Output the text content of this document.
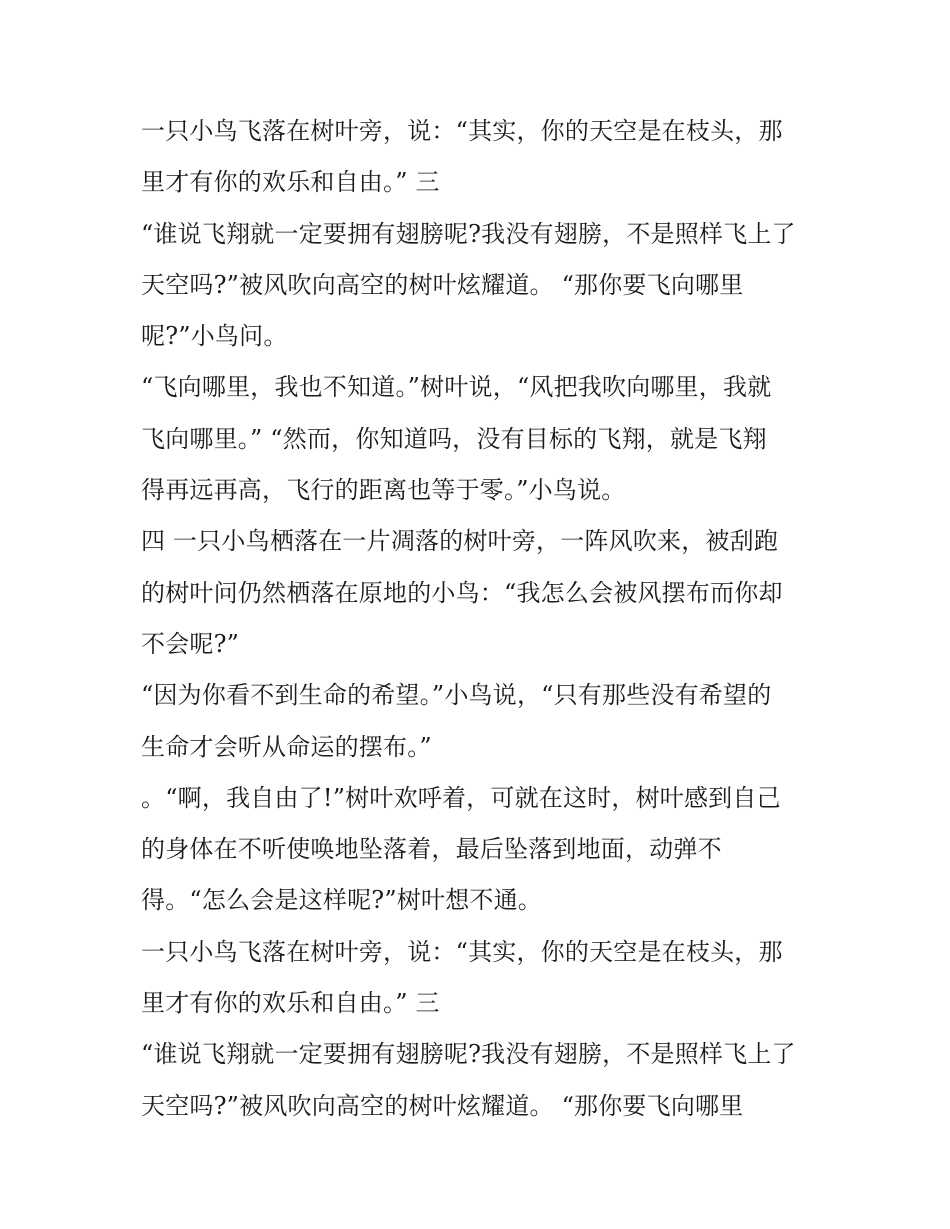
一只小鸟飞落在树叶旁，说：“其实，你的天空是在枝头，那
里才有你的欢乐和自由。” 三
“谁说飞翔就一定要拥有翅膀呢?我没有翅膀，不是照样飞上了
天空吗?”被风吹向高空的树叶炫耀道。 “那你要飞向哪里
呢?”小鸟问。
“飞向哪里，我也不知道。”树叶说，“风把我吹向哪里，我就
飞向哪里。” “然而，你知道吗，没有目标的飞翔，就是飞翔
得再远再高，飞行的距离也等于零。”小鸟说。
四 一只小鸟栖落在一片凋落的树叶旁，一阵风吹来，被刮跑
的树叶问仍然栖落在原地的小鸟：“我怎么会被风摆布而你却
不会呢?”
“因为你看不到生命的希望。”小鸟说，“只有那些没有希望的
生命才会听从命运的摆布。”
。“啊，我自由了!”树叶欢呼着，可就在这时，树叶感到自己
的身体在不听使唤地坠落着，最后坠落到地面，动弹不
得。“怎么会是这样呢?”树叶想不通。
一只小鸟飞落在树叶旁，说：“其实，你的天空是在枝头，那
里才有你的欢乐和自由。” 三
“谁说飞翔就一定要拥有翅膀呢?我没有翅膀，不是照样飞上了
天空吗?”被风吹向高空的树叶炫耀道。 “那你要飞向哪里
